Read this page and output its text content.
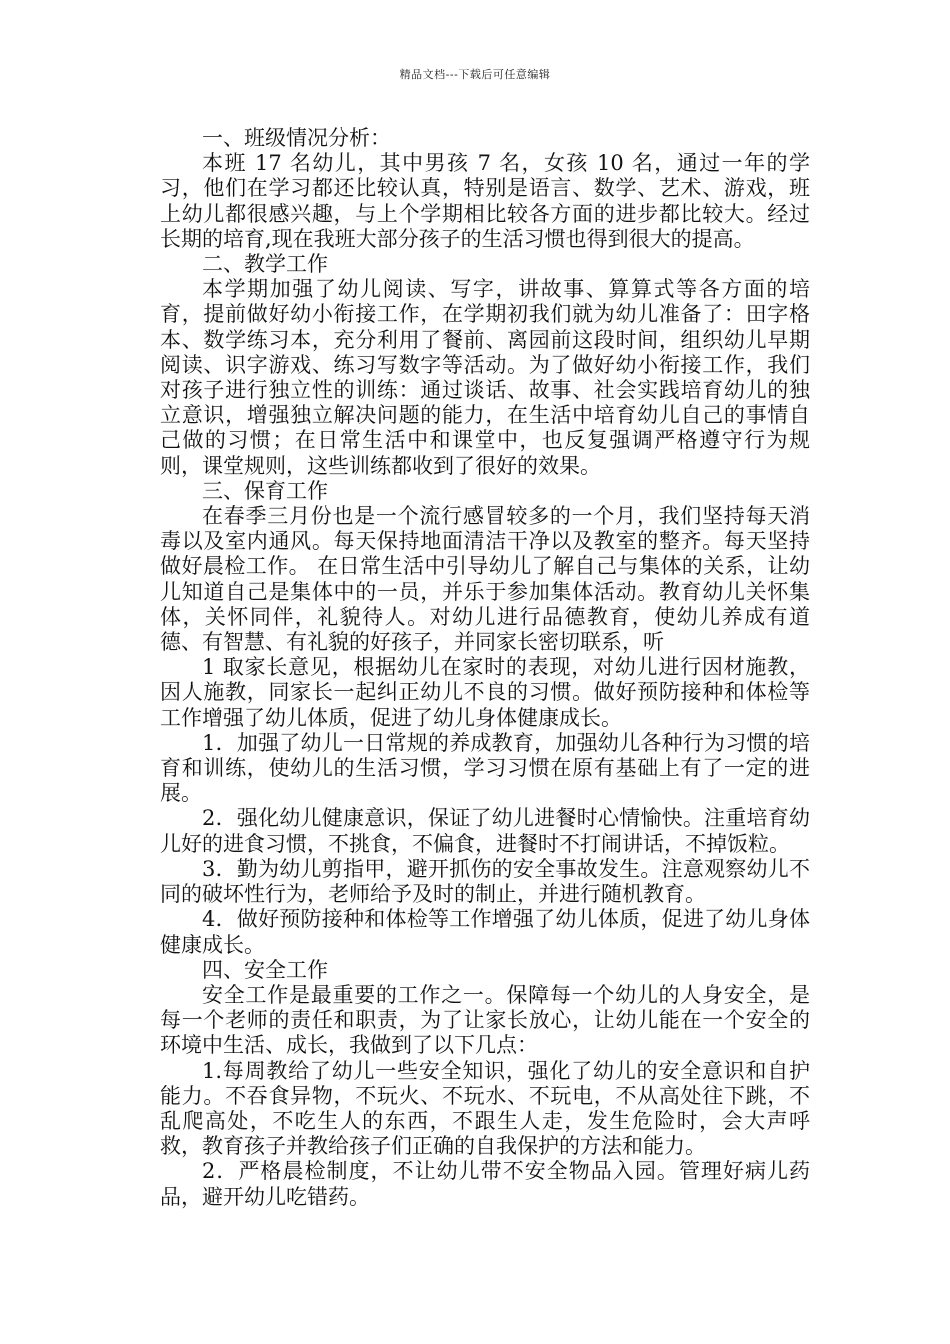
精品文档---下载后可任意编辑

一、班级情况分析：

本班 17 名幼儿，其中男孩 7 名，女孩 10 名，通过一年的学习，他们在学习都还比较认真，特别是语言、数学、艺术、游戏，班上幼儿都很感兴趣，与上个学期相比较各方面的进步都比较大。经过长期的培育,现在我班大部分孩子的生活习惯也得到很大的提高。

二、教学工作

本学期加强了幼儿阅读、写字，讲故事、算算式等各方面的培育，提前做好幼小衔接工作，在学期初我们就为幼儿准备了：田字格本、数学练习本，充分利用了餐前、离园前这段时间，组织幼儿早期阅读、识字游戏、练习写数字等活动。为了做好幼小衔接工作，我们对孩子进行独立性的训练：通过谈话、故事、社会实践培育幼儿的独立意识，增强独立解决问题的能力，在生活中培育幼儿自己的事情自己做的习惯；在日常生活中和课堂中，也反复强调严格遵守行为规则，课堂规则，这些训练都收到了很好的效果。

三、保育工作

在春季三月份也是一个流行感冒较多的一个月，我们坚持每天消毒以及室内通风。每天保持地面清洁干净以及教室的整齐。每天坚持做好晨检工作。 在日常生活中引导幼儿了解自己与集体的关系，让幼儿知道自己是集体中的一员，并乐于参加集体活动。教育幼儿关怀集体，关怀同伴，礼貌待人。对幼儿进行品德教育，使幼儿养成有道德、有智慧、有礼貌的好孩子，并同家长密切联系，听

1 取家长意见，根据幼儿在家时的表现，对幼儿进行因材施教，因人施教，同家长一起纠正幼儿不良的习惯。做好预防接种和体检等工作增强了幼儿体质，促进了幼儿身体健康成长。

1．加强了幼儿一日常规的养成教育，加强幼儿各种行为习惯的培育和训练，使幼儿的生活习惯，学习习惯在原有基础上有了一定的进展。

2．强化幼儿健康意识，保证了幼儿进餐时心情愉快。注重培育幼儿好的进食习惯，不挑食，不偏食，进餐时不打闹讲话，不掉饭粒。

3．勤为幼儿剪指甲，避开抓伤的安全事故发生。注意观察幼儿不同的破坏性行为，老师给予及时的制止，并进行随机教育。

4．做好预防接种和体检等工作增强了幼儿体质，促进了幼儿身体健康成长。

四、安全工作

安全工作是最重要的工作之一。保障每一个幼儿的人身安全，是每一个老师的责任和职责，为了让家长放心，让幼儿能在一个安全的环境中生活、成长，我做到了以下几点：

1.每周教给了幼儿一些安全知识，强化了幼儿的安全意识和自护能力。不吞食异物，不玩火、不玩水、不玩电，不从高处往下跳，不乱爬高处，不吃生人的东西，不跟生人走，发生危险时，会大声呼救，教育孩子并教给孩子们正确的自我保护的方法和能力。

2．严格晨检制度，不让幼儿带不安全物品入园。管理好病儿药品，避开幼儿吃错药。
